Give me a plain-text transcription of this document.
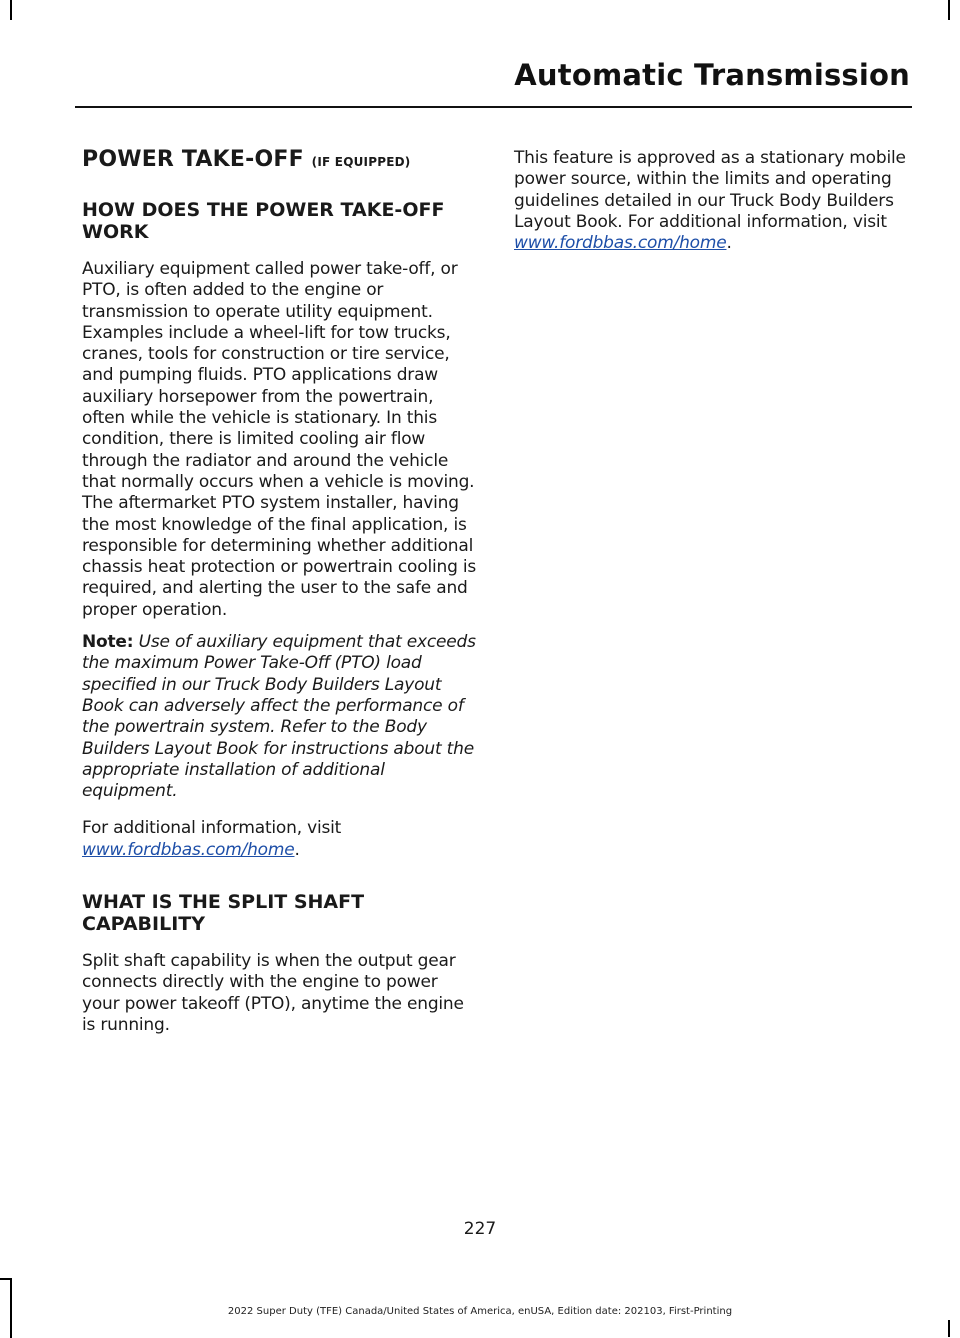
Automatic Transmission
POWER TAKE-OFF (IF EQUIPPED)
HOW DOES THE POWER TAKE-OFF WORK

Auxiliary equipment called power take-off, or PTO, is often added to the engine or transmission to operate utility equipment. Examples include a wheel-lift for tow trucks, cranes, tools for construction or tire service, and pumping fluids. PTO applications draw auxiliary horsepower from the powertrain, often while the vehicle is stationary. In this condition, there is limited cooling air flow through the radiator and around the vehicle that normally occurs when a vehicle is moving. The aftermarket PTO system installer, having the most knowledge of the final application, is responsible for determining whether additional chassis heat protection or powertrain cooling is required, and alerting the user to the safe and proper operation.

Note: Use of auxiliary equipment that exceeds the maximum Power Take-Off (PTO) load specified in our Truck Body Builders Layout Book can adversely affect the performance of the powertrain system. Refer to the Body Builders Layout Book for instructions about the appropriate installation of additional equipment.

For additional information, visit
www.fordbbas.com/home.

WHAT IS THE SPLIT SHAFT CAPABILITY

Split shaft capability is when the output gear connects directly with the engine to power your power takeoff (PTO), anytime the engine is running.

This feature is approved as a stationary mobile power source, within the limits and operating guidelines detailed in our Truck Body Builders Layout Book. For additional information, visit
www.fordbbas.com/home.

227
2022 Super Duty (TFE) Canada/United States of America, enUSA, Edition date: 202103, First-Printing
